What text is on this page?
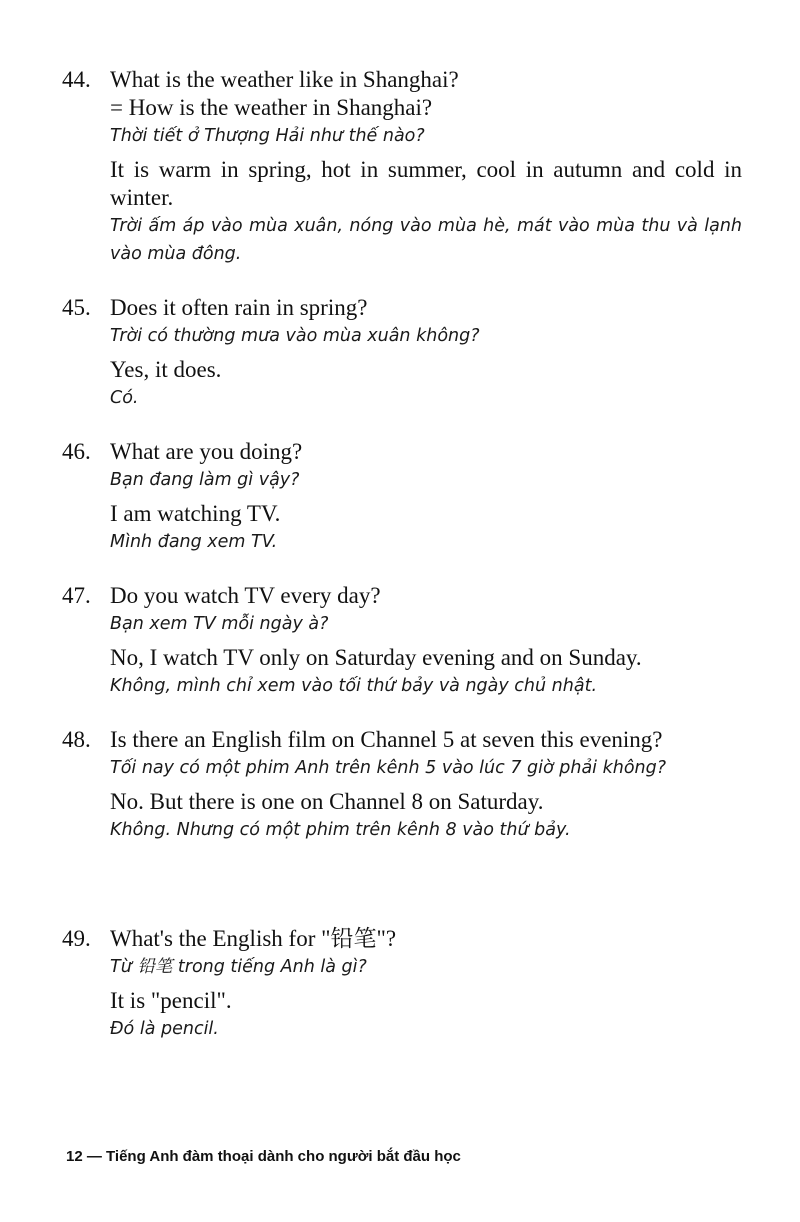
44. What is the weather like in Shanghai?

= How is the weather in Shanghai?

Thời tiết ở Thượng Hải như thế nào?

It is warm in spring, hot in summer, cool in autumn and cold in winter.

Trời ấm áp vào mùa xuân, nóng vào mùa hè, mát vào mùa thu và lạnh vào mùa đông.

45. Does it often rain in spring?

Trời có thường mưa vào mùa xuân không?

Yes, it does.

Có.

46. What are you doing?

Bạn đang làm gì vậy?

I am watching TV.

Mình đang xem TV.

47. Do you watch TV every day?

Bạn xem TV mỗi ngày à?

No, I watch TV only on Saturday evening and on Sunday.

Không, mình chỉ xem vào tối thứ bảy và ngày chủ nhật.

48. Is there an English film on Channel 5 at seven this evening?

Tối nay có một phim Anh trên kênh 5 vào lúc 7 giờ phải không?

No. But there is one on Channel 8 on Saturday.

Không. Nhưng có một phim trên kênh 8 vào thứ bảy.

49. What's the English for "铅笔"?

Từ 铅笔 trong tiếng Anh là gì?

It is "pencil".

Đó là pencil.

12 — Tiếng Anh đàm thoại dành cho người bắt đầu học
